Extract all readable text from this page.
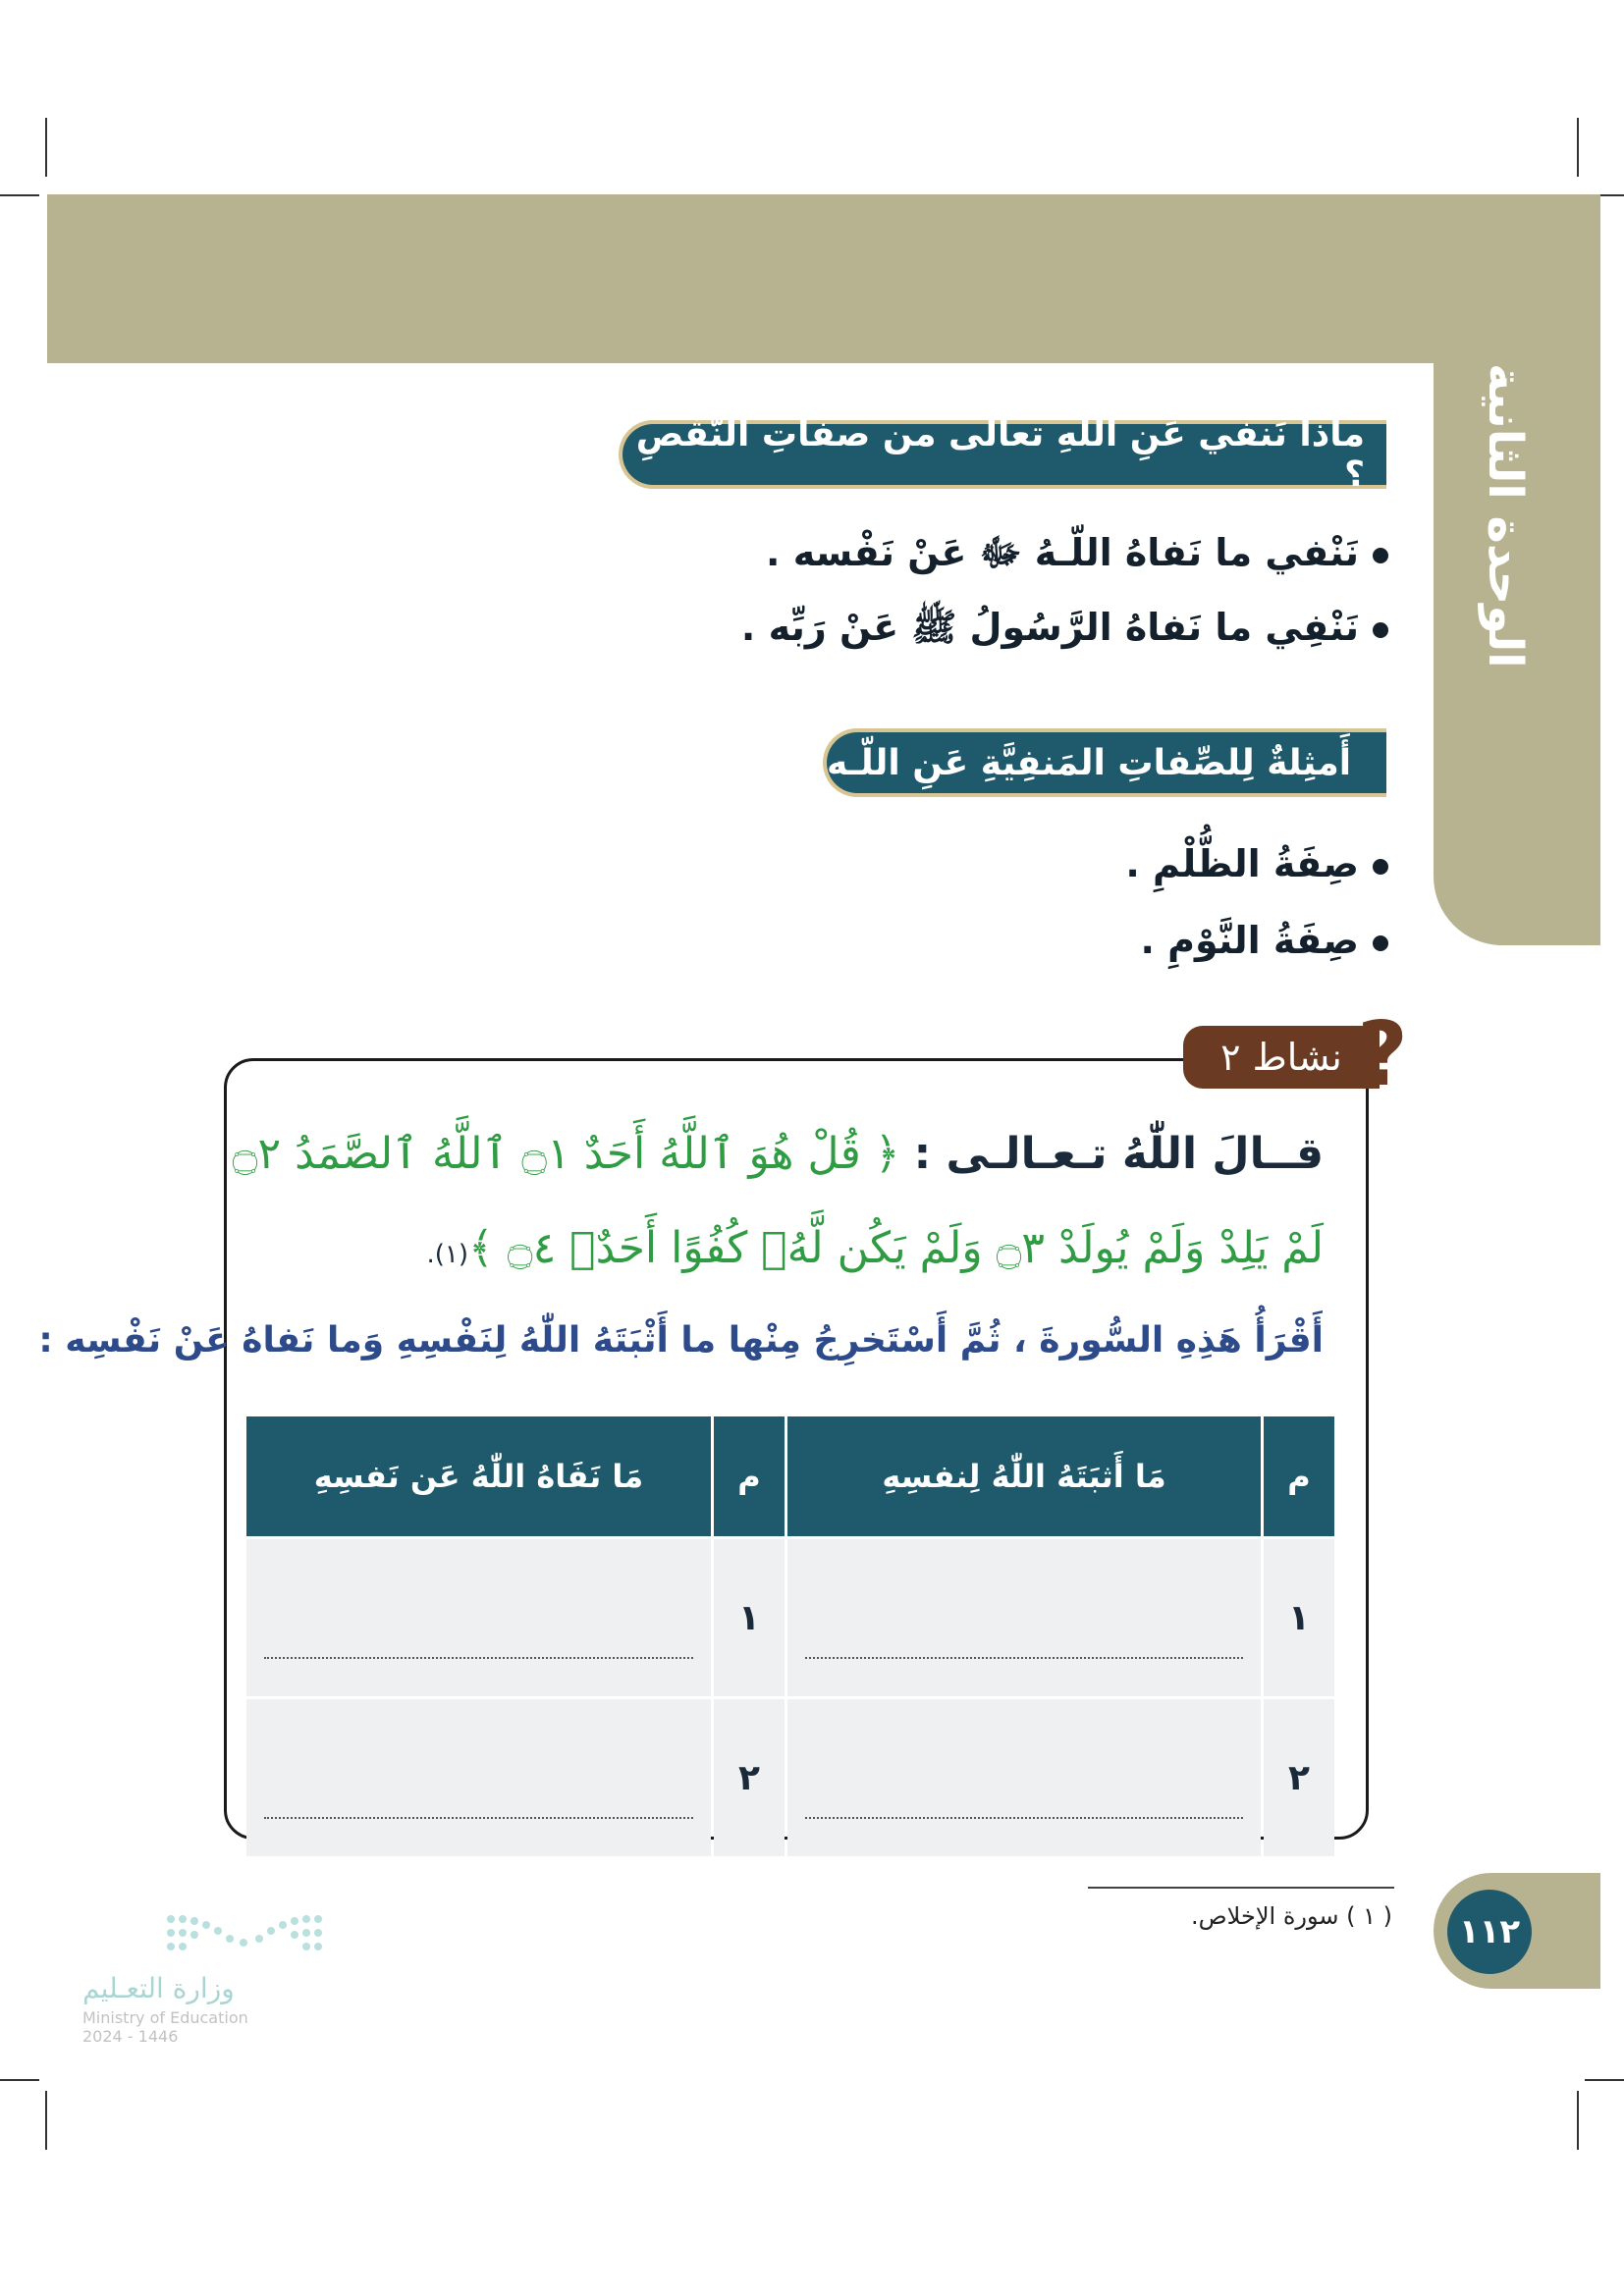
الوحدة الثانية
ماذا نَنفي عَنِ اللهِ تعالى من صفاتِ النَّقْصِ ؟
نَنْفي ما نَفاهُ اللّـهُ ﷻ عَنْ نَفْسه .
نَنْفِي ما نَفاهُ الرَّسُولُ ﷺ عَنْ رَبِّه .
أَمثِلةٌ لِلصِّفاتِ المَنفِيَّةِ عَنِ اللّـه
صِفَةُ الظُّلْمِ .
صِفَةُ النَّوْمِ .
نشاط ٢ ?
قــالَ اللّٰهُ تـعـالـى : ﴿ قُلْ هُوَ ٱللَّهُ أَحَدٌ ۝١ ٱللَّهُ ٱلصَّمَدُ ۝٢
لَمْ يَلِدْ وَلَمْ يُولَدْ ۝٣ وَلَمْ يَكُن لَّهُۥ كُفُوًا أَحَدٌۢ ۝٤ ﴾(١).
أَقْرَأُ هَذِهِ السُّورةَ ، ثُمَّ أَسْتَخرِجُ مِنْها ما أَثْبَتَهُ اللّٰهُ لِنَفْسِهِ وَما نَفاهُ عَنْ نَفْسِه :
م	مَا أَثبَتَهُ اللّٰهُ لِنفسِهِ	م	مَا نَفَاهُ اللّٰهُ عَن نَفسِهِ
١		١	

٢		٢	
( ١ ) سورة الإخلاص.	١١٢
وزارة التعـليم
Ministry of Education
2024 - 1446
